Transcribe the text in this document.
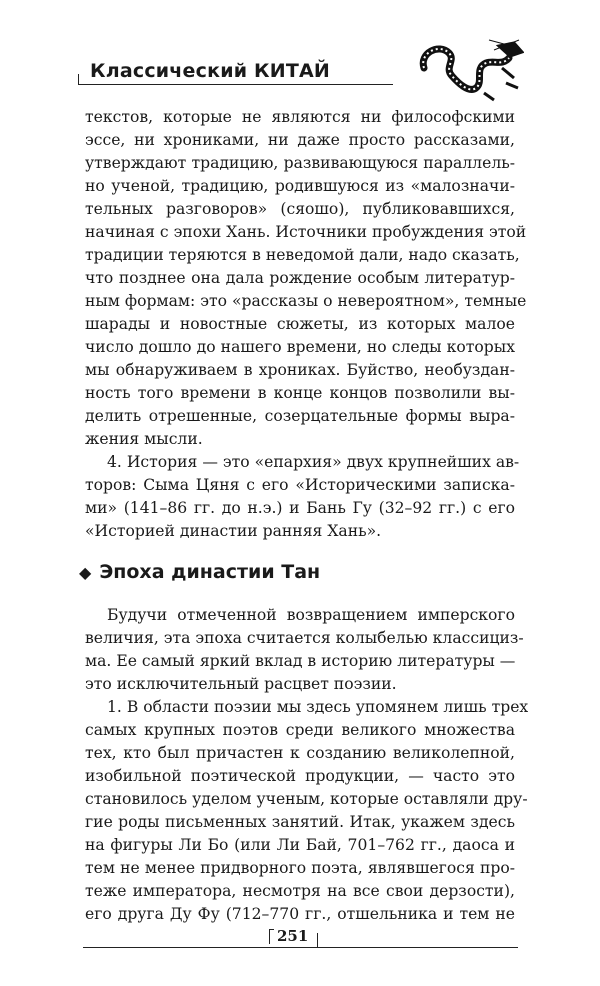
Классический КИТАЙ
текстов, которые не являются ни философскими
эссе, ни хрониками, ни даже просто рассказами,
утверждают традицию, развивающуюся параллель-
но ученой, традицию, родившуюся из «малозначи-
тельных разговоров» (сяошо), публиковавшихся,
начиная с эпохи Хань. Источники пробуждения этой
традиции теряются в неведомой дали, надо сказать,
что позднее она дала рождение особым литератур-
ным формам: это «рассказы о невероятном», темные
шарады и новостные сюжеты, из которых малое
число дошло до нашего времени, но следы которых
мы обнаруживаем в хрониках. Буйство, необуздан-
ность того времени в конце концов позволили вы-
делить отрешенные, созерцательные формы выра-
жения мысли.
4. История — это «епархия» двух крупнейших ав-
торов: Сыма Цяня с его «Историческими записка-
ми» (141–86 гг. до н.э.) и Бань Гу (32–92 гг.) с его
«Историей династии ранняя Хань».
◆ Эпоха династии Тан
Будучи отмеченной возвращением имперского
величия, эта эпоха считается колыбелью классициз-
ма. Ее самый яркий вклад в историю литературы —
это исключительный расцвет поэзии.
1. В области поэзии мы здесь упомянем лишь трех
самых крупных поэтов среди великого множества
тех, кто был причастен к созданию великолепной,
изобильной поэтической продукции, — часто это
становилось уделом ученым, которые оставляли дру-
гие роды письменных занятий. Итак, укажем здесь
на фигуры Ли Бо (или Ли Бай, 701–762 гг., даоса и
тем не менее придворного поэта, являвшегося про-
теже императора, несмотря на все свои дерзости),
его друга Ду Фу (712–770 гг., отшельника и тем не
251
